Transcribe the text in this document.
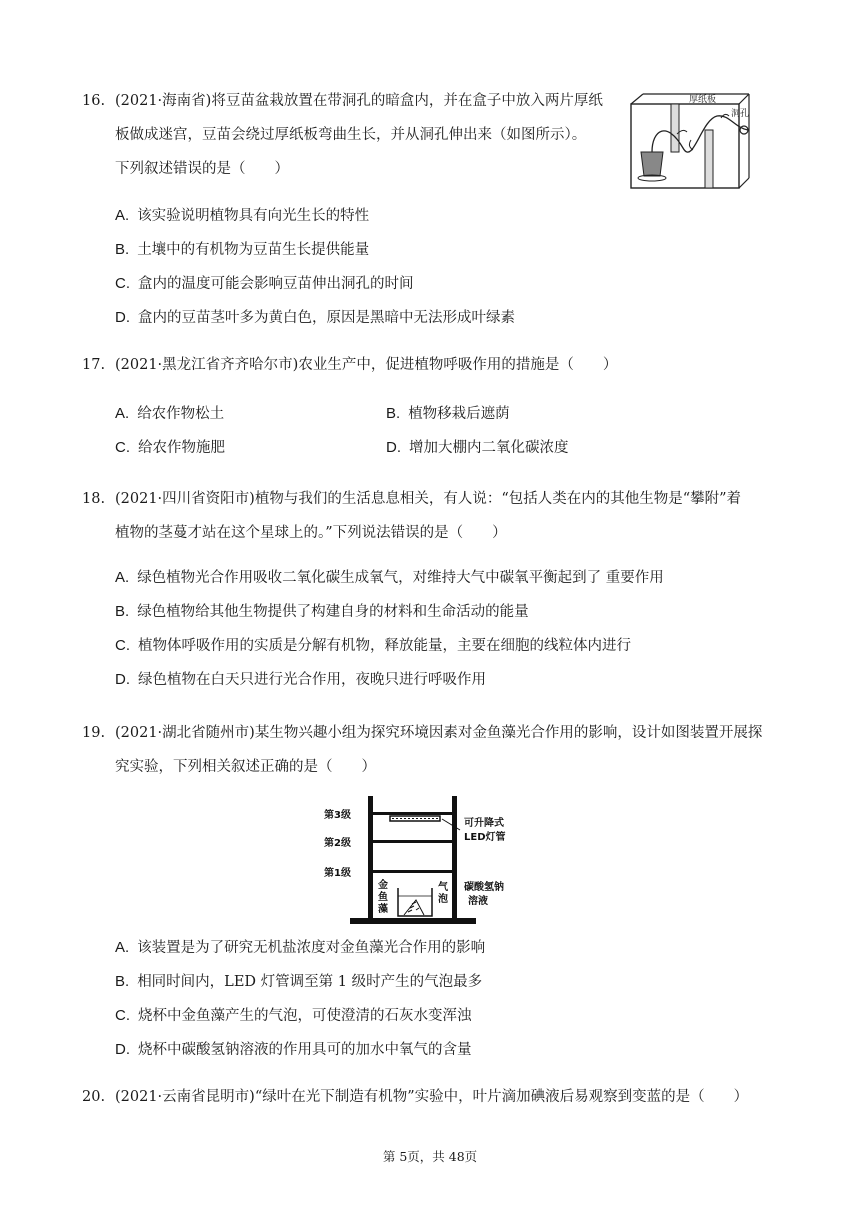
16. (2021·海南省)将豆苗盆栽放置在带洞孔的暗盒内，并在盒子中放入两片厚纸
板做成迷宫，豆苗会绕过厚纸板弯曲生长，并从洞孔伸出来（如图所示）。
下列叙述错误的是（　　）
厚纸板
洞孔
A. 该实验说明植物具有向光生长的特性
B. 土壤中的有机物为豆苗生长提供能量
C. 盒内的温度可能会影响豆苗伸出洞孔的时间
D. 盒内的豆苗茎叶多为黄白色，原因是黑暗中无法形成叶绿素
17. (2021·黑龙江省齐齐哈尔市)农业生产中，促进植物呼吸作用的措施是（　　）
A. 给农作物松土	B. 植物移栽后遮荫
C. 给农作物施肥	D. 增加大棚内二氧化碳浓度
18. (2021·四川省资阳市)植物与我们的生活息息相关，有人说：“包括人类在内的其他生物是“攀附”着
植物的茎蔓才站在这个星球上的。”下列说法错误的是（　　）
A. 绿色植物光合作用吸收二氧化碳生成氧气，对维持大气中碳氧平衡起到了 重要作用
B. 绿色植物给其他生物提供了构建自身的材料和生命活动的能量
C. 植物体呼吸作用的实质是分解有机物，释放能量，主要在细胞的线粒体内进行
D. 绿色植物在白天只进行光合作用，夜晚只进行呼吸作用
19. (2021·湖北省随州市)某生物兴趣小组为探究环境因素对金鱼藻光合作用的影响，设计如图装置开展探
究实验，下列相关叙述正确的是（　　）
第3级
第2级
第1级
可升降式
LED灯管
金
鱼
藻
气
泡
碳酸氢钠
溶液
A. 该装置是为了研究无机盐浓度对金鱼藻光合作用的影响
B. 相同时间内，LED 灯管调至第 1 级时产生的气泡最多
C. 烧杯中金鱼藻产生的气泡，可使澄清的石灰水变浑浊
D. 烧杯中碳酸氢钠溶液的作用具可的加水中氧气的含量
20. (2021·云南省昆明市)“绿叶在光下制造有机物”实验中，叶片滴加碘液后易观察到变蓝的是（　　）
第 5页，共 48页
